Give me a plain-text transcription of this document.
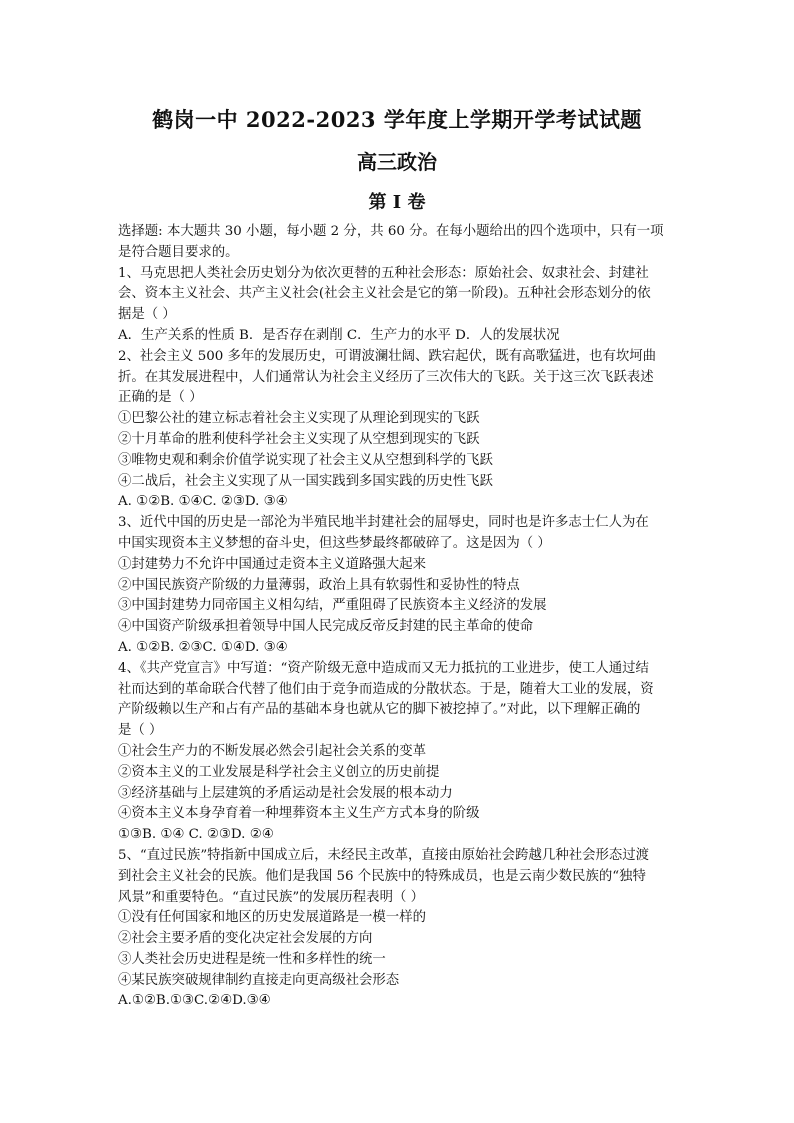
鹤岗一中 2022-2023 学年度上学期开学考试试题
高三政治
第 I 卷
选择题: 本大题共 30 小题，每小题 2 分，共 60 分。在每小题给出的四个选项中，只有一项
是符合题目要求的。
1、马克思把人类社会历史划分为依次更替的五种社会形态：原始社会、奴隶社会、封建社
会、资本主义社会、共产主义社会(社会主义社会是它的第一阶段)。五种社会形态划分的依
据是（ ）
A．生产关系的性质 B．是否存在剥削 C．生产力的水平 D．人的发展状况
2、社会主义 500 多年的发展历史，可谓波澜壮阔、跌宕起伏，既有高歌猛进，也有坎坷曲
折。在其发展进程中，人们通常认为社会主义经历了三次伟大的飞跃。关于这三次飞跃表述
正确的是（ ）
①巴黎公社的建立标志着社会主义实现了从理论到现实的飞跃
②十月革命的胜利使科学社会主义实现了从空想到现实的飞跃
③唯物史观和剩余价值学说实现了社会主义从空想到科学的飞跃
④二战后，社会主义实现了从一国实践到多国实践的历史性飞跃
A. ①②B. ①④C. ②③D. ③④
3、近代中国的历史是一部沦为半殖民地半封建社会的屈辱史，同时也是许多志士仁人为在
中国实现资本主义梦想的奋斗史，但这些梦最终都破碎了。这是因为（ ）
①封建势力不允许中国通过走资本主义道路强大起来
②中国民族资产阶级的力量薄弱，政治上具有软弱性和妥协性的特点
③中国封建势力同帝国主义相勾结，严重阻碍了民族资本主义经济的发展
④中国资产阶级承担着领导中国人民完成反帝反封建的民主革命的使命
A. ①②B. ②③C. ①④D. ③④
4、《共产党宣言》中写道：“资产阶级无意中造成而又无力抵抗的工业进步，使工人通过结
社而达到的革命联合代替了他们由于竞争而造成的分散状态。于是，随着大工业的发展，资
产阶级赖以生产和占有产品的基础本身也就从它的脚下被挖掉了。”对此，以下理解正确的
是（ ）
①社会生产力的不断发展必然会引起社会关系的变革
②资本主义的工业发展是科学社会主义创立的历史前提
③经济基础与上层建筑的矛盾运动是社会发展的根本动力
④资本主义本身孕育着一种埋葬资本主义生产方式本身的阶级
①③B. ①④ C. ②③D. ②④
5、“直过民族”特指新中国成立后，未经民主改革，直接由原始社会跨越几种社会形态过渡
到社会主义社会的民族。他们是我国 56 个民族中的特殊成员，也是云南少数民族的“独特
风景”和重要特色。“直过民族”的发展历程表明（ ）
①没有任何国家和地区的历史发展道路是一模一样的
②社会主要矛盾的变化决定社会发展的方向
③人类社会历史进程是统一性和多样性的统一
④某民族突破规律制约直接走向更高级社会形态
A.①②B.①③C.②④D.③④
